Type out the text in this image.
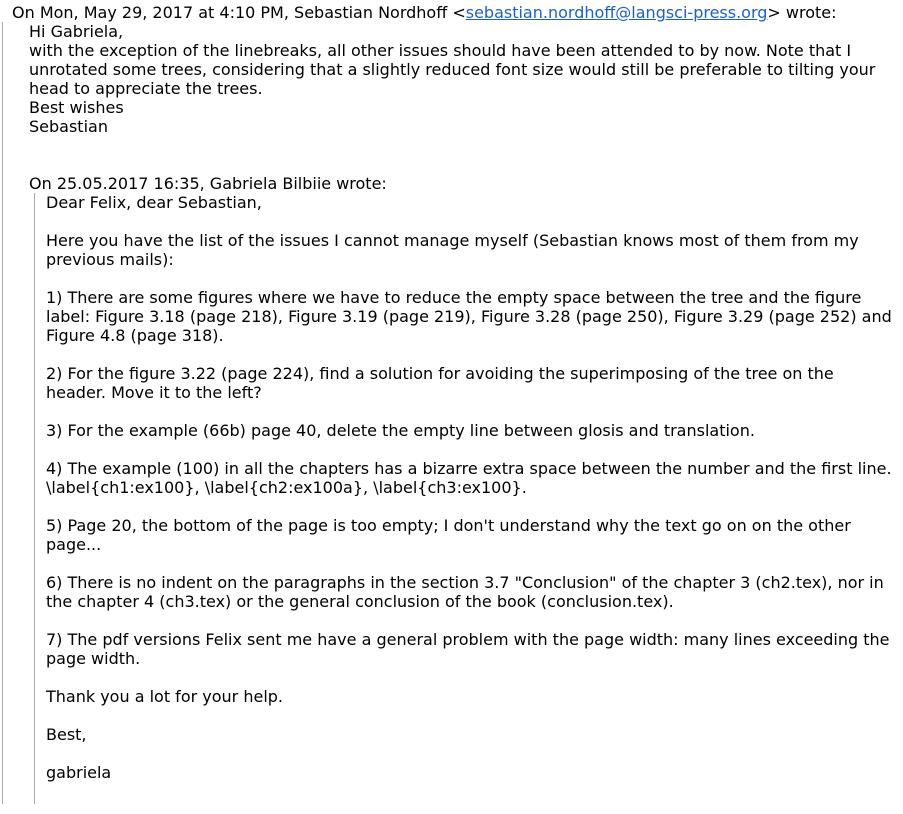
On Mon, May 29, 2017 at 4:10 PM, Sebastian Nordhoff <sebastian.nordhoff@langsci-press.org> wrote:

Hi Gabriela,

with the exception of the linebreaks, all other issues should have been attended to by now. Note that I unrotated some trees, considering that a slightly reduced font size would still be preferable to tilting your head to appreciate the trees.

Best wishes

Sebastian

On 25.05.2017 16:35, Gabriela Bilbiie wrote:

Dear Felix, dear Sebastian,

Here you have the list of the issues I cannot manage myself (Sebastian knows most of them from my previous mails):

1) There are some figures where we have to reduce the empty space between the tree and the figure label: Figure 3.18 (page 218), Figure 3.19 (page 219), Figure 3.28 (page 250), Figure 3.29 (page 252) and Figure 4.8 (page 318).

2) For the figure 3.22 (page 224), find a solution for avoiding the superimposing of the tree on the header. Move it to the left?

3) For the example (66b) page 40, delete the empty line between glosis and translation.

4) The example (100) in all the chapters has a bizarre extra space between the number and the first line. \label{ch1:ex100}, \label{ch2:ex100a}, \label{ch3:ex100}.

5) Page 20, the bottom of the page is too empty; I don't understand why the text go on on the other page...

6) There is no indent on the paragraphs in the section 3.7 "Conclusion" of the chapter 3 (ch2.tex), nor in the chapter 4 (ch3.tex) or the general conclusion of the book (conclusion.tex).

7) The pdf versions Felix sent me have a general problem with the page width: many lines exceeding the page width.

Thank you a lot for your help.

Best,

gabriela
